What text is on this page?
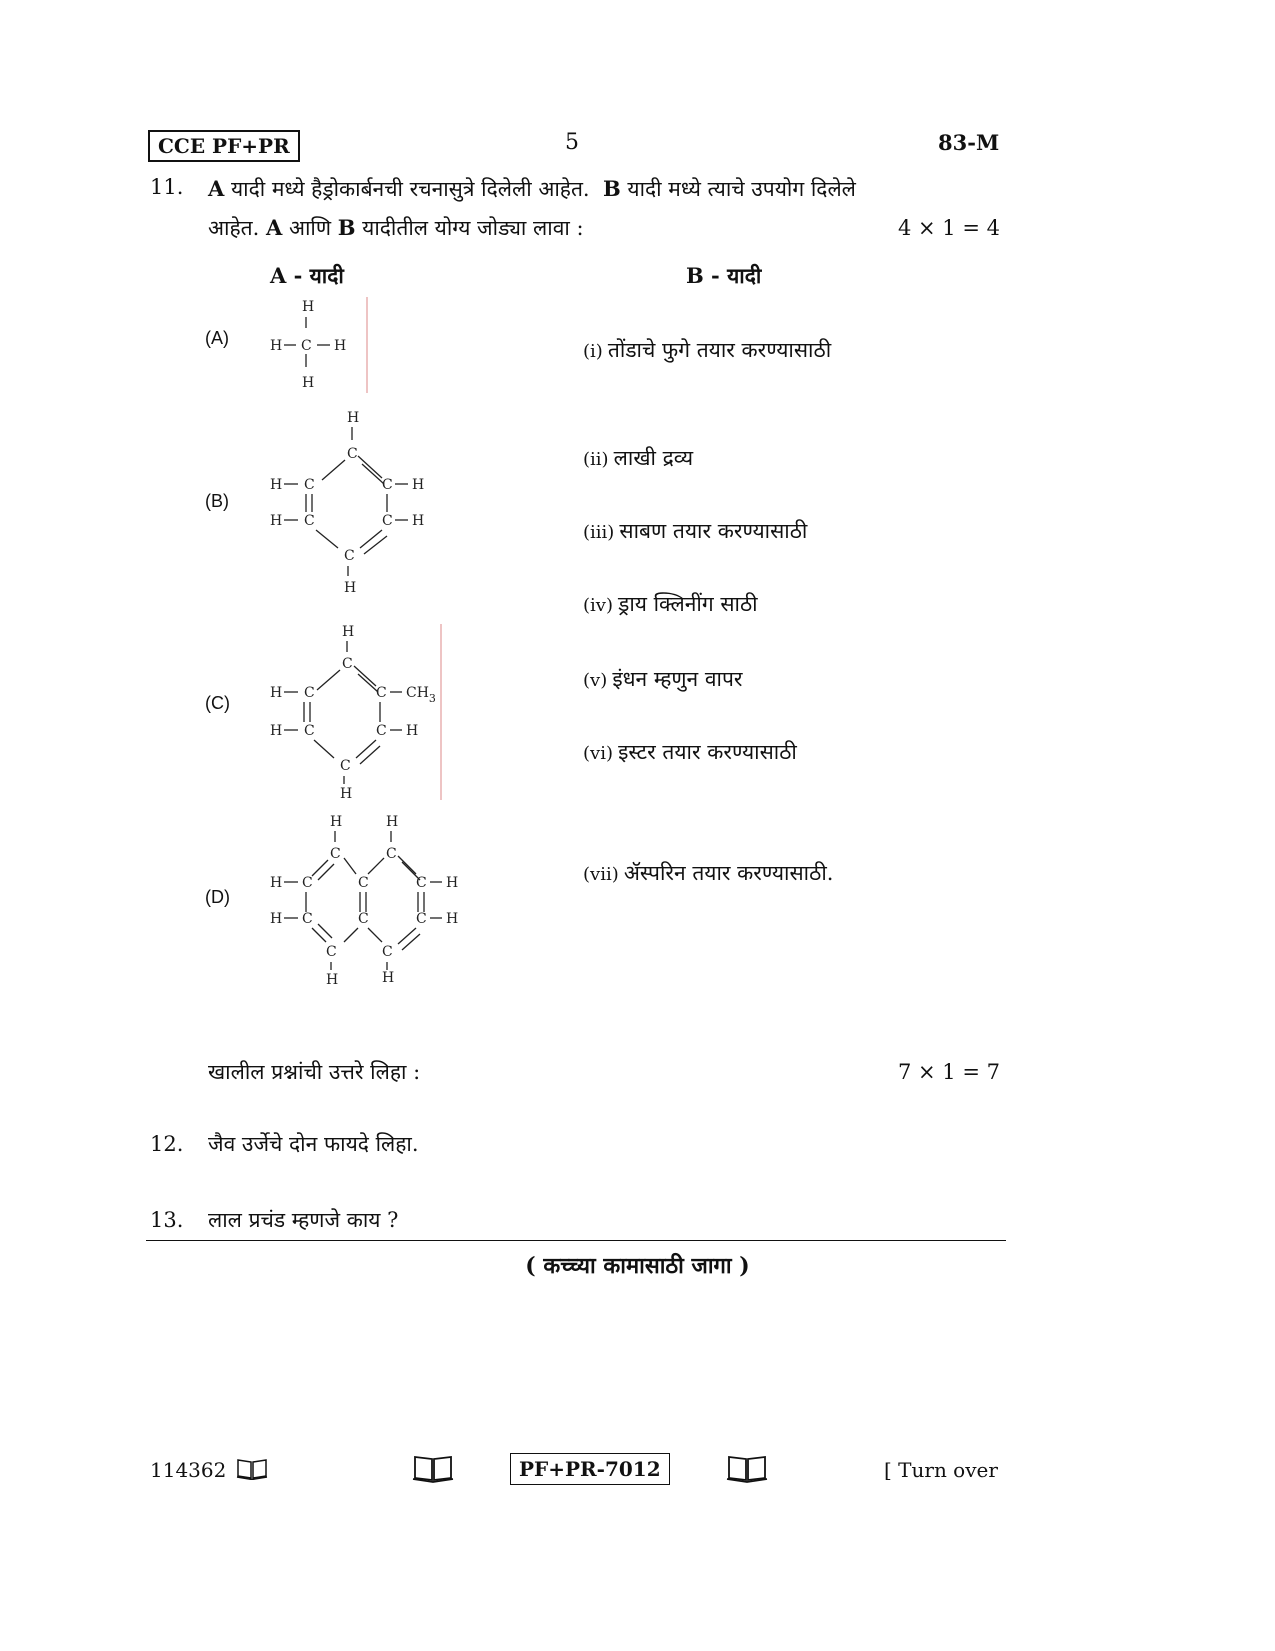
CCE PF+PR	5	83-M
11. A यादी मध्ये हैड्रोकार्बनची रचनासुत्रे दिलेली आहेत. B यादी मध्ये त्याचे उपयोग दिलेले
आहेत. A आणि B यादीतील योग्य जोड्या लावा :	4 × 1 = 4
A - यादी	B - यादी
(A)
(B)
(C)
(D)
H
H C H
H
H
C
H C	C H
H C	C H
C
H
H
C
H C	C $CH_3$
H C	C H
C
H
H	H
C	C
H C	C	C H
H C	C	C H
C	C
H	H
(i) तोंडाचे फुगे तयार करण्यासाठी
(ii) लाखी द्रव्य
(iii) साबण तयार करण्यासाठी
(iv) ड्राय क्लिनींग साठी
(v) इंधन म्हणुन वापर
(vi) इस्टर तयार करण्यासाठी
(vii) ॲस्परिन तयार करण्यासाठी.
खालील प्रश्नांची उत्तरे लिहा :	7 × 1 = 7
12. जैव उर्जेचे दोन फायदे लिहा.
13. लाल प्रचंड म्हणजे काय ?
( कच्च्या कामासाठी जागा )
114362	PF+PR-7012	[ Turn over
